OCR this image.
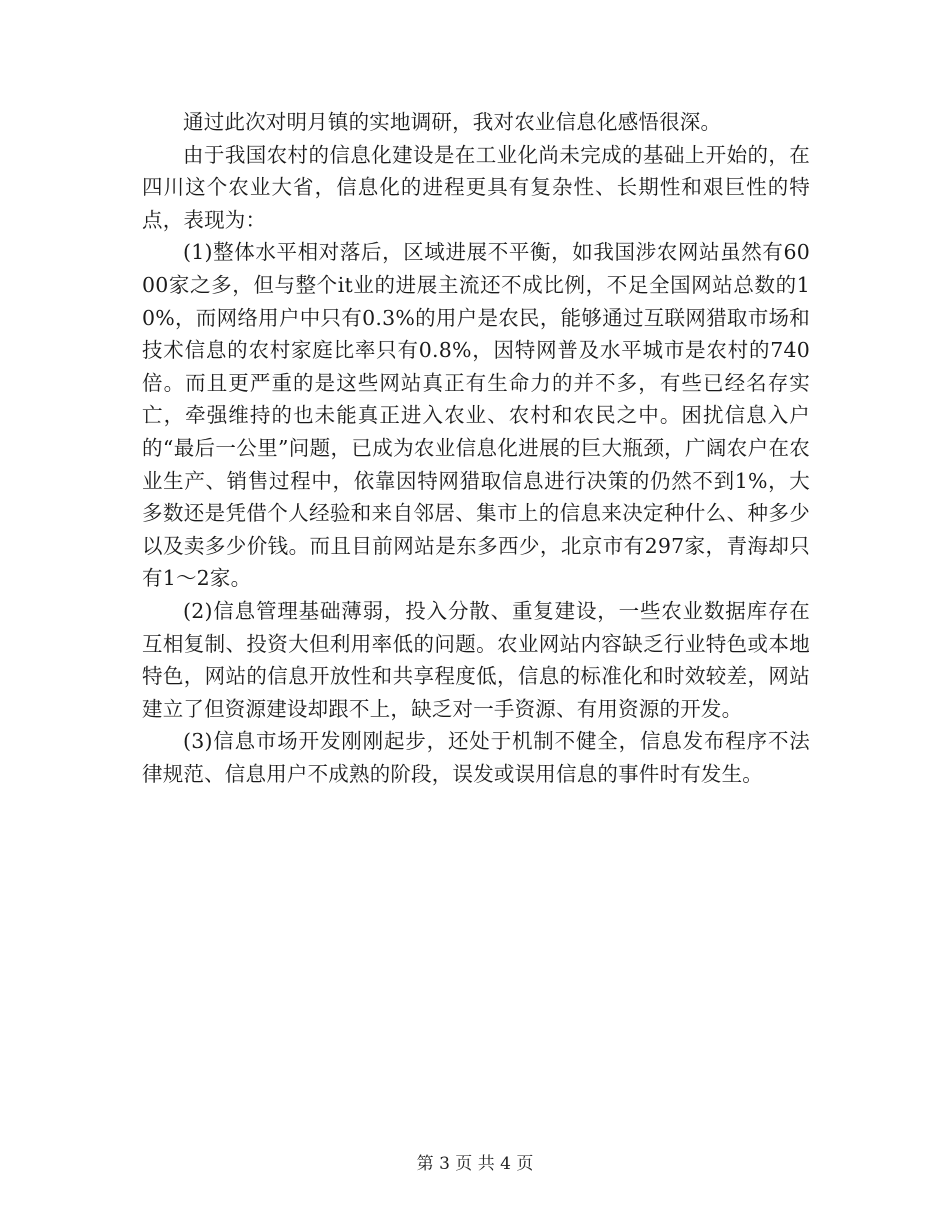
通过此次对明月镇的实地调研，我对农业信息化感悟很深。

由于我国农村的信息化建设是在工业化尚未完成的基础上开始的，在四川这个农业大省，信息化的进程更具有复杂性、长期性和艰巨性的特点，表现为：

(1)整体水平相对落后，区域进展不平衡，如我国涉农网站虽然有6000家之多，但与整个it业的进展主流还不成比例，不足全国网站总数的10%，而网络用户中只有0.3%的用户是农民，能够通过互联网猎取市场和技术信息的农村家庭比率只有0.8%，因特网普及水平城市是农村的740倍。而且更严重的是这些网站真正有生命力的并不多，有些已经名存实亡，牵强维持的也未能真正进入农业、农村和农民之中。困扰信息入户的“最后一公里”问题，已成为农业信息化进展的巨大瓶颈，广阔农户在农业生产、销售过程中，依靠因特网猎取信息进行决策的仍然不到1%，大多数还是凭借个人经验和来自邻居、集市上的信息来决定种什么、种多少以及卖多少价钱。而且目前网站是东多西少，北京市有297家，青海却只有1～2家。

(2)信息管理基础薄弱，投入分散、重复建设，一些农业数据库存在互相复制、投资大但利用率低的问题。农业网站内容缺乏行业特色或本地特色，网站的信息开放性和共享程度低，信息的标准化和时效较差，网站建立了但资源建设却跟不上，缺乏对一手资源、有用资源的开发。

(3)信息市场开发刚刚起步，还处于机制不健全，信息发布程序不法律规范、信息用户不成熟的阶段，误发或误用信息的事件时有发生。

第 3 页 共 4 页
